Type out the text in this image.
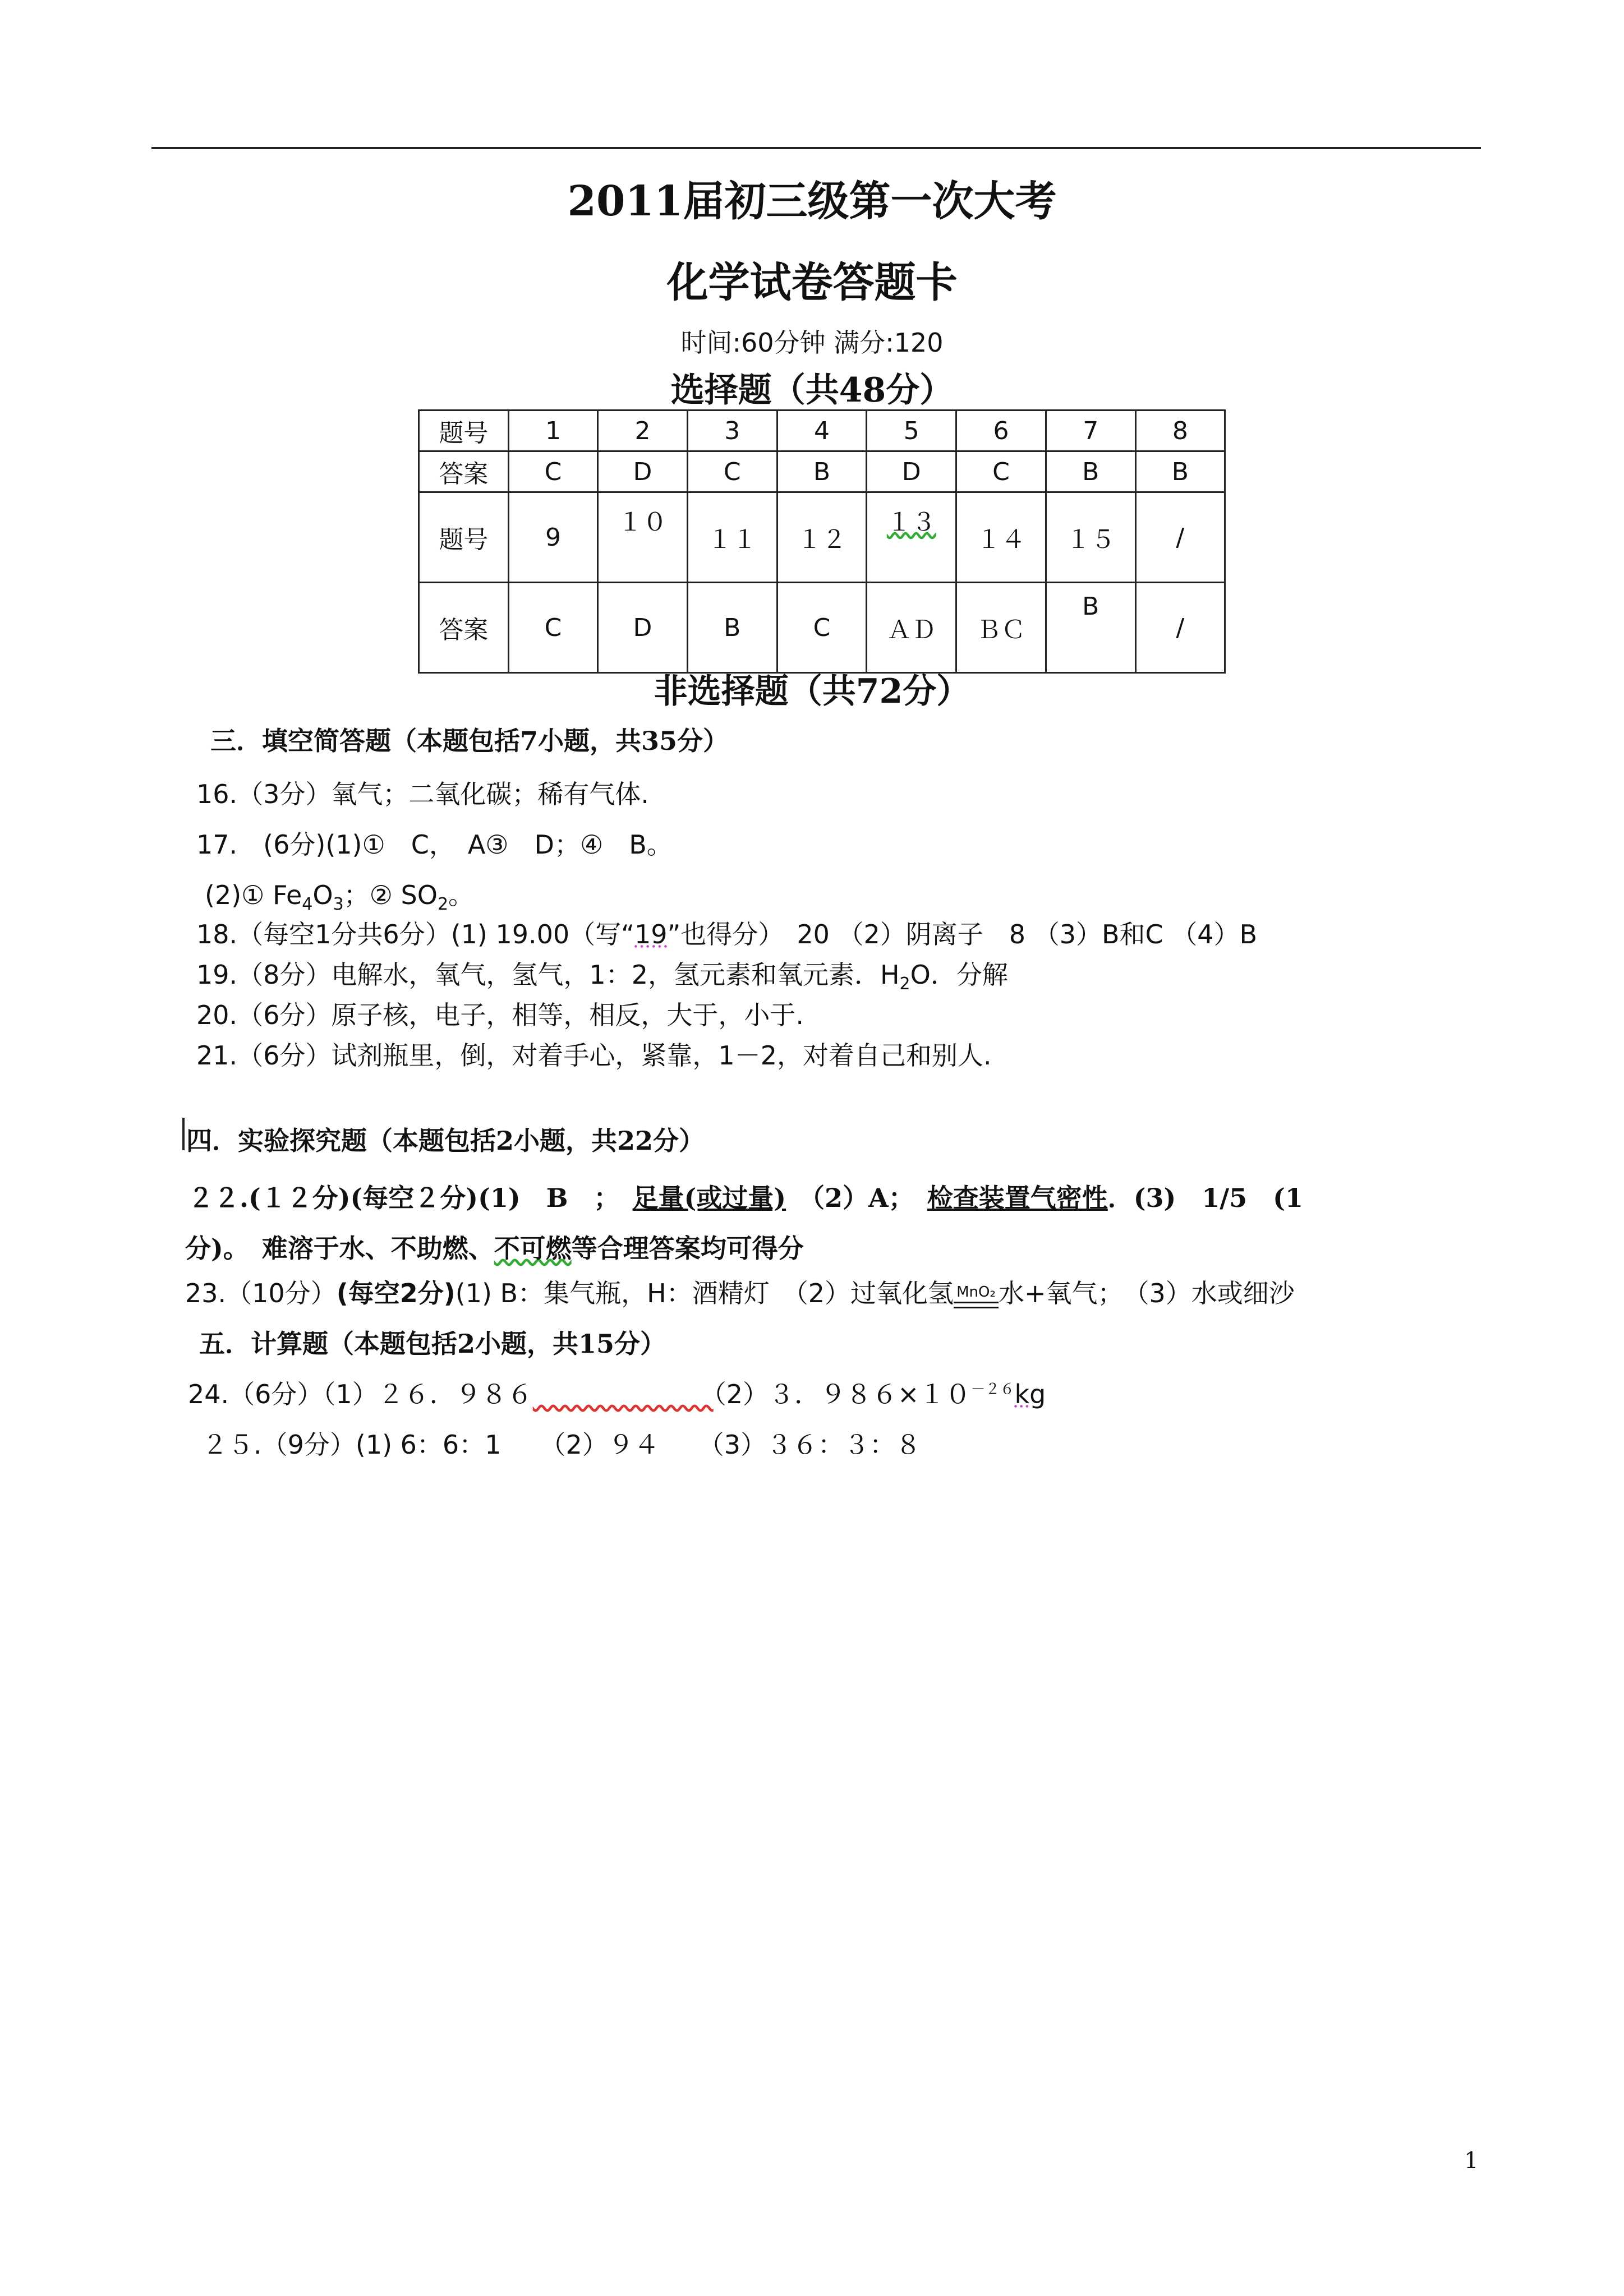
2011届初三级第一次大考
化学试卷答题卡
时间:60分钟 满分:120
选择题（共48分）
题号	1	2	3	4	5	6	7	8
答案	C	D	C	B	D	C	B	B
题号	9	１０	１１	１２	１３	１４	１５	/
答案	C	D	B	C	ＡＤ	ＢＣ	B	/
非选择题（共72分）
三．填空简答题（本题包括7小题，共35分）
16.（3分）氧气；二氧化碳；稀有气体.
17.　(6分)(1)①　C，　A③　D；④　B。
(2)① $Fe_4O_3$；② $SO_2$。
18.（每空1分共6分）(1) 19.00（写“19”也得分）　20 （2）阴离子　8 （3）B和C （4）B
19.（8分）电解水，氧气，氢气，1：2，氢元素和氧元素．$H_2O$．分解
20.（6分）原子核，电子，相等，相反，大于，小于.
21.（6分）试剂瓶里，倒，对着手心，紧靠，1－2，对着自己和别人.
四．实验探究题（本题包括2小题，共22分）
２２.(１２分)(每空２分)(1)　B　；　 足量(或过量)　 （2）A；　 检查装置气密性．(3)　1/5　(1
分)。　难溶于水、不助燃、不可燃等合理答案均可得分
23.（10分）(每空2分)(1) B：集气瓶，H：酒精灯　（2）过氧化氢 MnO₂ 水+氧气；　（3）水或细沙
五．计算题（本题包括2小题，共15分）
24.（6分）（1）２６．９８６　　　　　　　	（2）３．$986\times 10^{-26}kg$
２５.（9分）(1) 6：6：1　　（2）９４　　（3）３６：３：８
1
